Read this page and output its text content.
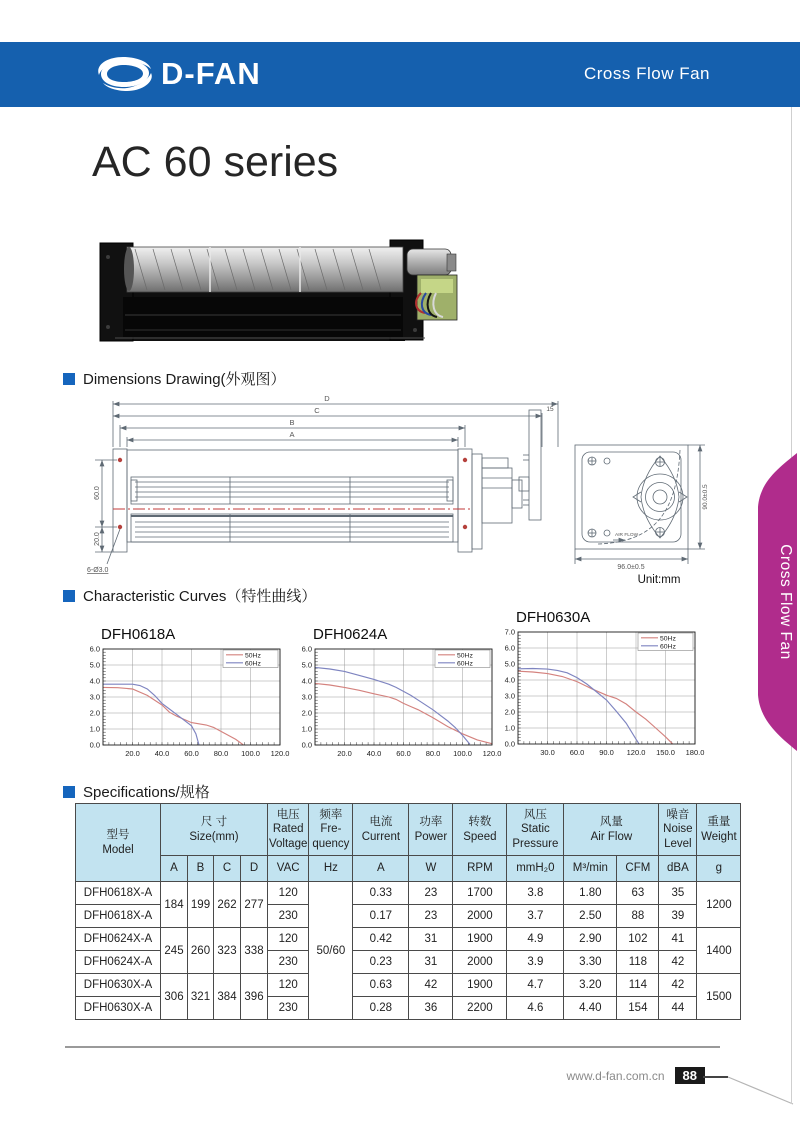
D-FAN	Cross Flow Fan
AC 60 series
Dimensions Drawing(外观图）
D
C
B
A
15
60.0
20.0
6-Ø3.0
AIR FLOW
90.0±0.5
96.0±0.5
Unit:mm
Characteristic Curves（特性曲线）
DFH0618A
0.0
1.0
2.0
3.0
4.0
5.0
6.0
20.0 40.0 60.0 80.0 100.0 120.0
50Hz
60Hz
DFH0624A
0.0
1.0
2.0
3.0
4.0
5.0
6.0
20.0 40.0 60.0 80.0 100.0 120.0
50Hz
60Hz
DFH0630A
0.0
1.0
2.0
3.0
4.0
5.0
6.0
7.0
30.0 60.0 90.0 120.0 150.0 180.0
50Hz
60Hz
Specifications/规格
型号
Model

尺 寸
Size(mm)

电压
Rated Voltage

频率
Fre-quency

电流
Current

功率
Power

转数
Speed

风压
Static Pressure

风量
Air Flow

噪音
Noise Level

重量
Weight

	A	B	C	D	VAC	Hz	A	W	RPM	mmH₂0	M³/min	CFM	dBA	g
DFH0618X-A	184	199	262	277	120	50/60	0.33	23	1700	3.8	1.80	63	35	1200
DFH0618X-A					230		0.17	23	2000	3.7	2.50	88	39	
DFH0624X-A	245	260	323	338	120		0.42	31	1900	4.9	2.90	102	41	1400
DFH0624X-A					230		0.23	31	2000	3.9	3.30	118	42	
DFH0630X-A	306	321	384	396	120		0.63	42	1900	4.7	3.20	114	42	1500
DFH0630X-A					230		0.28	36	2200	4.6	4.40	154	44	
www.d-fan.com.cn	88
Cross Flow Fan
